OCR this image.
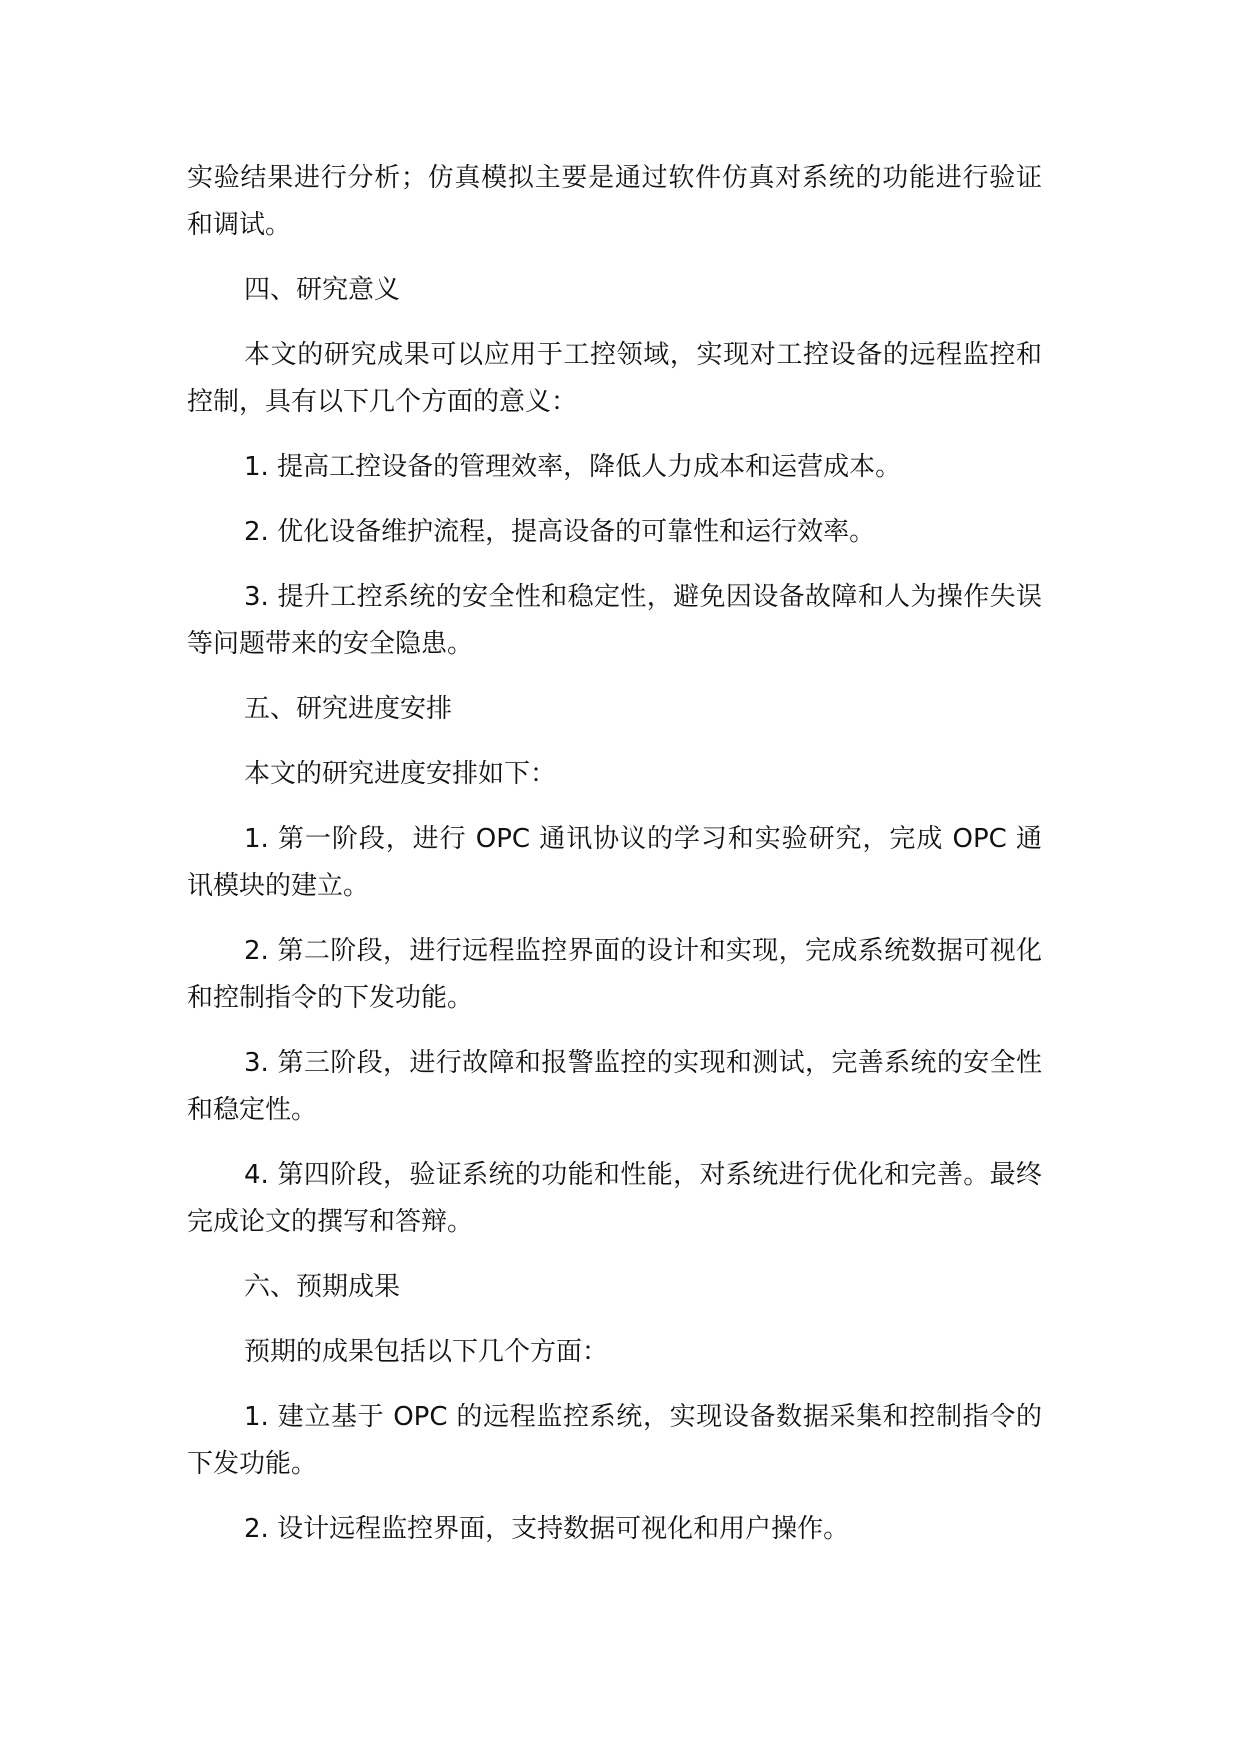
实验结果进行分析；仿真模拟主要是通过软件仿真对系统的功能进行验证和调试。

四、研究意义

本文的研究成果可以应用于工控领域，实现对工控设备的远程监控和控制，具有以下几个方面的意义：

1. 提高工控设备的管理效率，降低人力成本和运营成本。

2. 优化设备维护流程，提高设备的可靠性和运行效率。

3. 提升工控系统的安全性和稳定性，避免因设备故障和人为操作失误等问题带来的安全隐患。

五、研究进度安排

本文的研究进度安排如下：

1. 第一阶段，进行 OPC 通讯协议的学习和实验研究，完成 OPC 通讯模块的建立。

2. 第二阶段，进行远程监控界面的设计和实现，完成系统数据可视化和控制指令的下发功能。

3. 第三阶段，进行故障和报警监控的实现和测试，完善系统的安全性和稳定性。

4. 第四阶段，验证系统的功能和性能，对系统进行优化和完善。最终完成论文的撰写和答辩。

六、预期成果

预期的成果包括以下几个方面：

1. 建立基于 OPC 的远程监控系统，实现设备数据采集和控制指令的下发功能。

2. 设计远程监控界面，支持数据可视化和用户操作。
